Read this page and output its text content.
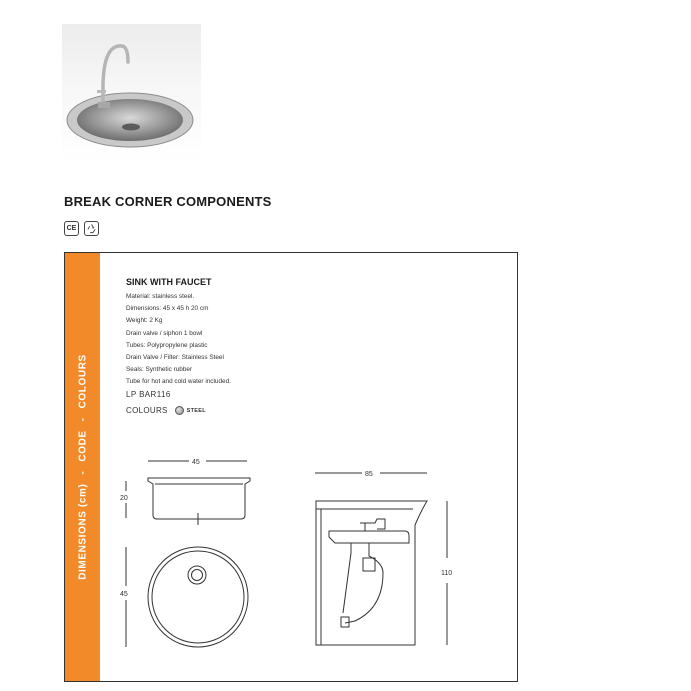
BREAK CORNER COMPONENTS
CE
DIMENSIONS (cm)-CODE-COLOURS
SINK WITH FAUCET
Material: stainless steel.
Dimensions: 45 x 45 h 20 cm
Weight: 2 Kg
Drain valve / siphon 1 bowl
Tubes: Polypropylene plastic
Drain Valve / Filter: Stainless Steel
Seals: Synthetic rubber
Tube for hot and cold water included.
LP BAR116
COLOURS	STEEL
45
20
45
85
110
